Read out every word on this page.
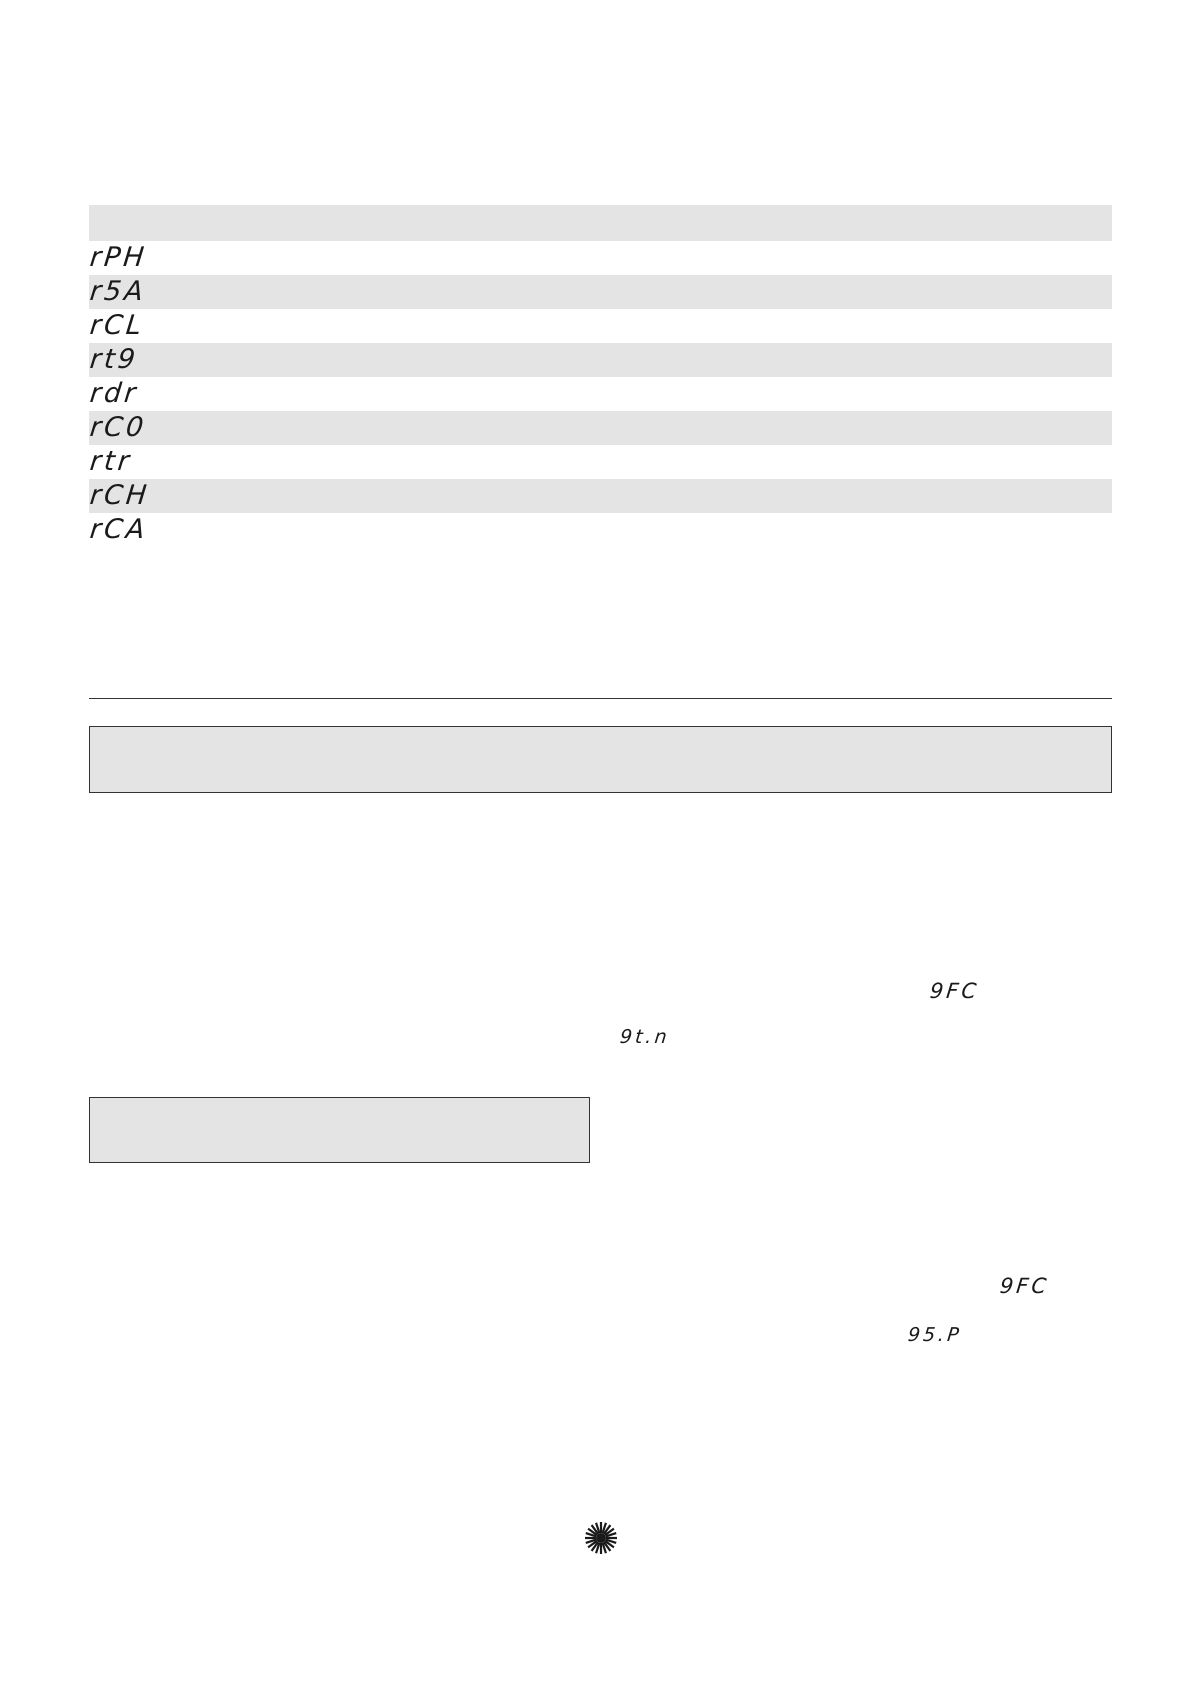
rPH
r5A
rCL
rt9
rdr
rC0
rtr
rCH
rCA
9FC
9t.n
9FC
95.P
